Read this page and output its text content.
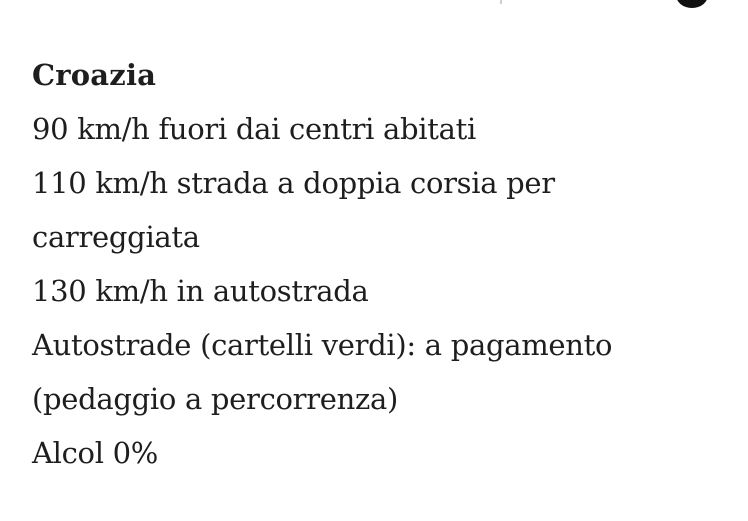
Croazia

90 km/h fuori dai centri abitati

110 km/h strada a doppia corsia per

carreggiata

130 km/h in autostrada

Autostrade (cartelli verdi): a pagamento

(pedaggio a percorrenza)

Alcol 0%
